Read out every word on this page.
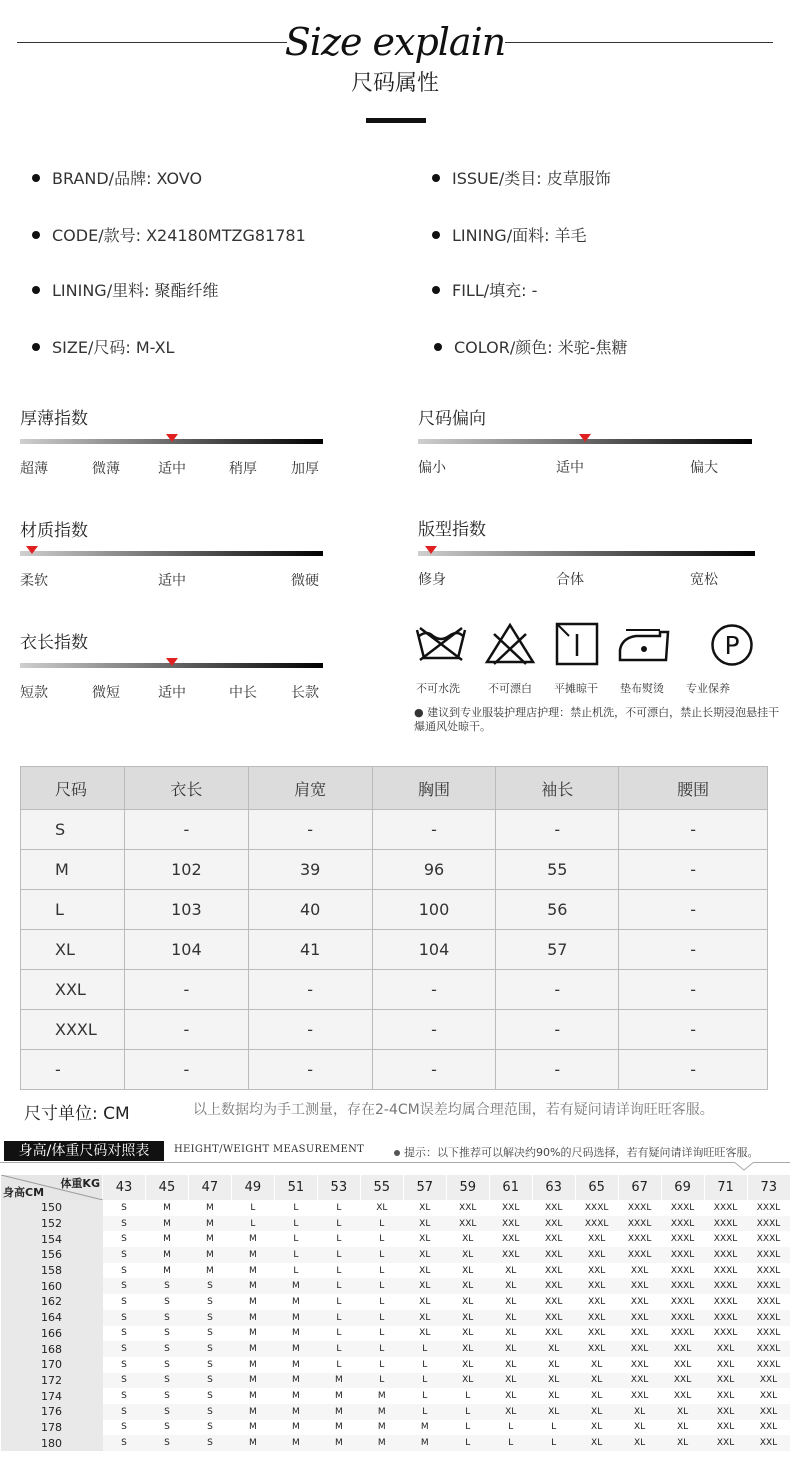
Size explain
尺码属性
BRAND/品牌: XOVO	ISSUE/类目: 皮草服饰
CODE/款号: X24180MTZG81781	LINING/面料: 羊毛
LINING/里料: 聚酯纤维	FILL/填充: -
SIZE/尺码: M-XL	COLOR/颜色: 米驼-焦糖
厚薄指数
超薄	微薄	适中	稍厚 加厚
尺码偏向
偏小	适中	偏大
材质指数
柔软	适中	微硬
版型指数
修身	合体	宽松
衣长指数
短款	微短	适中	中长 长款
P
不可水洗	不可漂白 平摊晾干 垫布熨烫 专业保养
● 建议到专业服装护理店护理：禁止机洗，不可漂白，禁止长期浸泡悬挂干爆通风处晾干。
尺码	衣长	肩宽	胸围	袖长	腰围
S	-	-	-	-	-
M	102	39	96	55	-
L	103	40	100	56	-
XL	104	41	104	57	-
XXL	-	-	-	-	-
XXXL	-	-	-	-	-
-	-	-	-	-	-
尺寸单位: CM	以上数据均为手工测量，存在2-4CM误差均属合理范围，若有疑问请详询旺旺客服。
身高/体重尺码对照表	HEIGHT/WEIGHT MEASUREMENT	提示：以下推荐可以解决约90%的尺码选择，若有疑问请详询旺旺客服。
体重KG
身高CM	43	45	47	49	51	53	55	57	59	61	63	65	67	69	71	73
150	S	M	M	L	L	L	XL	XL	XXL	XXL	XXL	XXXL	XXXL	XXXL	XXXL	XXXL
152	S	M	M	L	L	L	L	XL	XXL	XXL	XXL	XXXL	XXXL	XXXL	XXXL	XXXL
154	S	M	M	M	L	L	L	XL	XL	XXL	XXL	XXL	XXXL	XXXL	XXXL	XXXL
156	S	M	M	M	L	L	L	XL	XL	XXL	XXL	XXL	XXXL	XXXL	XXXL	XXXL
158	S	M	M	M	L	L	L	XL	XL	XL	XXL	XXL	XXL	XXXL	XXXL	XXXL
160	S	S	S	M	M	L	L	XL	XL	XL	XXL	XXL	XXL	XXXL	XXXL	XXXL
162	S	S	S	M	M	L	L	XL	XL	XL	XXL	XXL	XXL	XXXL	XXXL	XXXL
164	S	S	S	M	M	L	L	XL	XL	XL	XXL	XXL	XXL	XXXL	XXXL	XXXL
166	S	S	S	M	M	L	L	XL	XL	XL	XXL	XXL	XXL	XXXL	XXXL	XXXL
168	S	S	S	M	M	L	L	L	XL	XL	XL	XXL	XXL	XXL	XXL	XXXL
170	S	S	S	M	M	L	L	L	XL	XL	XL	XL	XXL	XXL	XXL	XXXL
172	S	S	S	M	M	M	L	L	XL	XL	XL	XL	XXL	XXL	XXL	XXL
174	S	S	S	M	M	M	M	L	L	XL	XL	XL	XXL	XXL	XXL	XXL
176	S	S	S	M	M	M	M	L	L	XL	XL	XL	XL	XL	XXL	XXL
178	S	S	S	M	M	M	M	M	L	L	L	XL	XL	XL	XXL	XXL
180	S	S	S	M	M	M	M	M	L	L	L	XL	XL	XL	XXL	XXL
